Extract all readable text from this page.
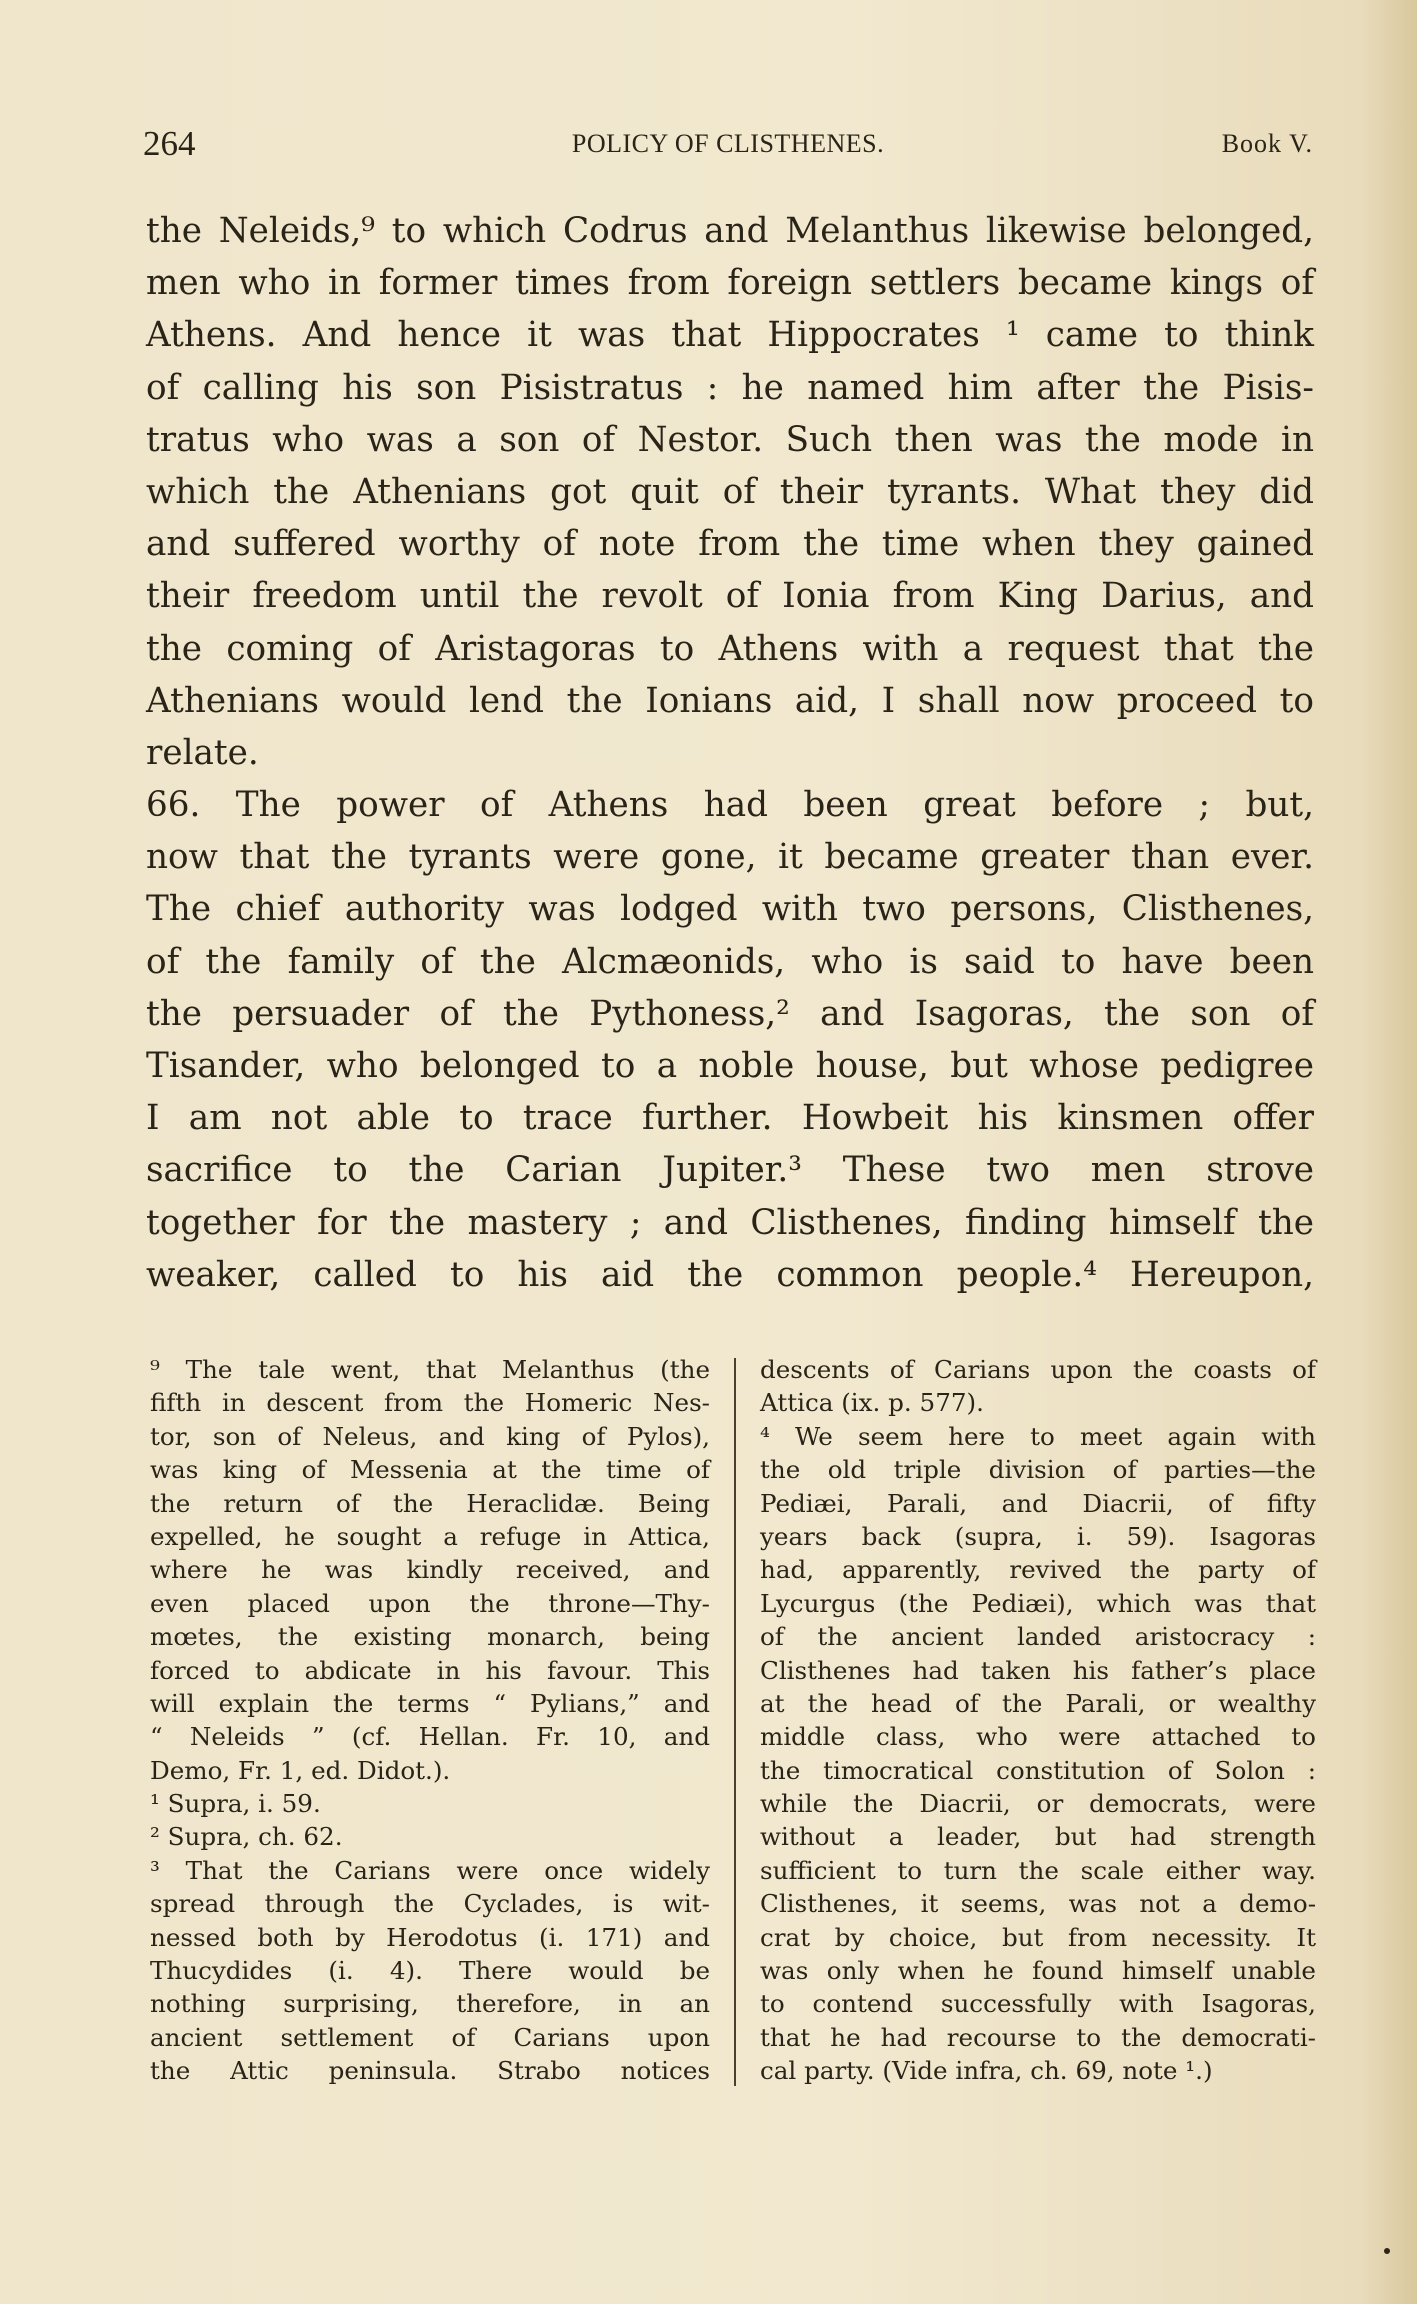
264	POLICY OF CLISTHENES.	Book V.
the Neleids,⁹ to which Codrus and Melanthus likewise belonged,
men who in former times from foreign settlers became kings of
Athens. And hence it was that Hippocrates ¹ came to think
of calling his son Pisistratus : he named him after the Pisis-
tratus who was a son of Nestor. Such then was the mode in
which the Athenians got quit of their tyrants. What they did
and suffered worthy of note from the time when they gained
their freedom until the revolt of Ionia from King Darius, and
the coming of Aristagoras to Athens with a request that the
Athenians would lend the Ionians aid, I shall now proceed to
relate.
66. The power of Athens had been great before ; but,
now that the tyrants were gone, it became greater than ever.
The chief authority was lodged with two persons, Clisthenes,
of the family of the Alcmæonids, who is said to have been
the persuader of the Pythoness,² and Isagoras, the son of
Tisander, who belonged to a noble house, but whose pedigree
I am not able to trace further. Howbeit his kinsmen offer
sacrifice to the Carian Jupiter.³ These two men strove
together for the mastery ; and Clisthenes, finding himself the
weaker, called to his aid the common people.⁴ Hereupon,
⁹ The tale went, that Melanthus (the
fifth in descent from the Homeric Nes-
tor, son of Neleus, and king of Pylos),
was king of Messenia at the time of
the return of the Heraclidæ. Being
expelled, he sought a refuge in Attica,
where he was kindly received, and
even placed upon the throne—Thy-
mœtes, the existing monarch, being
forced to abdicate in his favour. This
will explain the terms “ Pylians,” and
“ Neleids ” (cf. Hellan. Fr. 10, and
Demo, Fr. 1, ed. Didot.).
¹ Supra, i. 59.
² Supra, ch. 62.
³ That the Carians were once widely
spread through the Cyclades, is wit-
nessed both by Herodotus (i. 171) and
Thucydides (i. 4). There would be
nothing surprising, therefore, in an
ancient settlement of Carians upon
the Attic peninsula. Strabo notices
descents of Carians upon the coasts of
Attica (ix. p. 577).
⁴ We seem here to meet again with
the old triple division of parties—the
Pediæi, Parali, and Diacrii, of fifty
years back (supra, i. 59). Isagoras
had, apparently, revived the party of
Lycurgus (the Pediæi), which was that
of the ancient landed aristocracy :
Clisthenes had taken his father’s place
at the head of the Parali, or wealthy
middle class, who were attached to
the timocratical constitution of Solon :
while the Diacrii, or democrats, were
without a leader, but had strength
sufficient to turn the scale either way.
Clisthenes, it seems, was not a demo-
crat by choice, but from necessity. It
was only when he found himself unable
to contend successfully with Isagoras,
that he had recourse to the democrati-
cal party. (Vide infra, ch. 69, note ¹.)
